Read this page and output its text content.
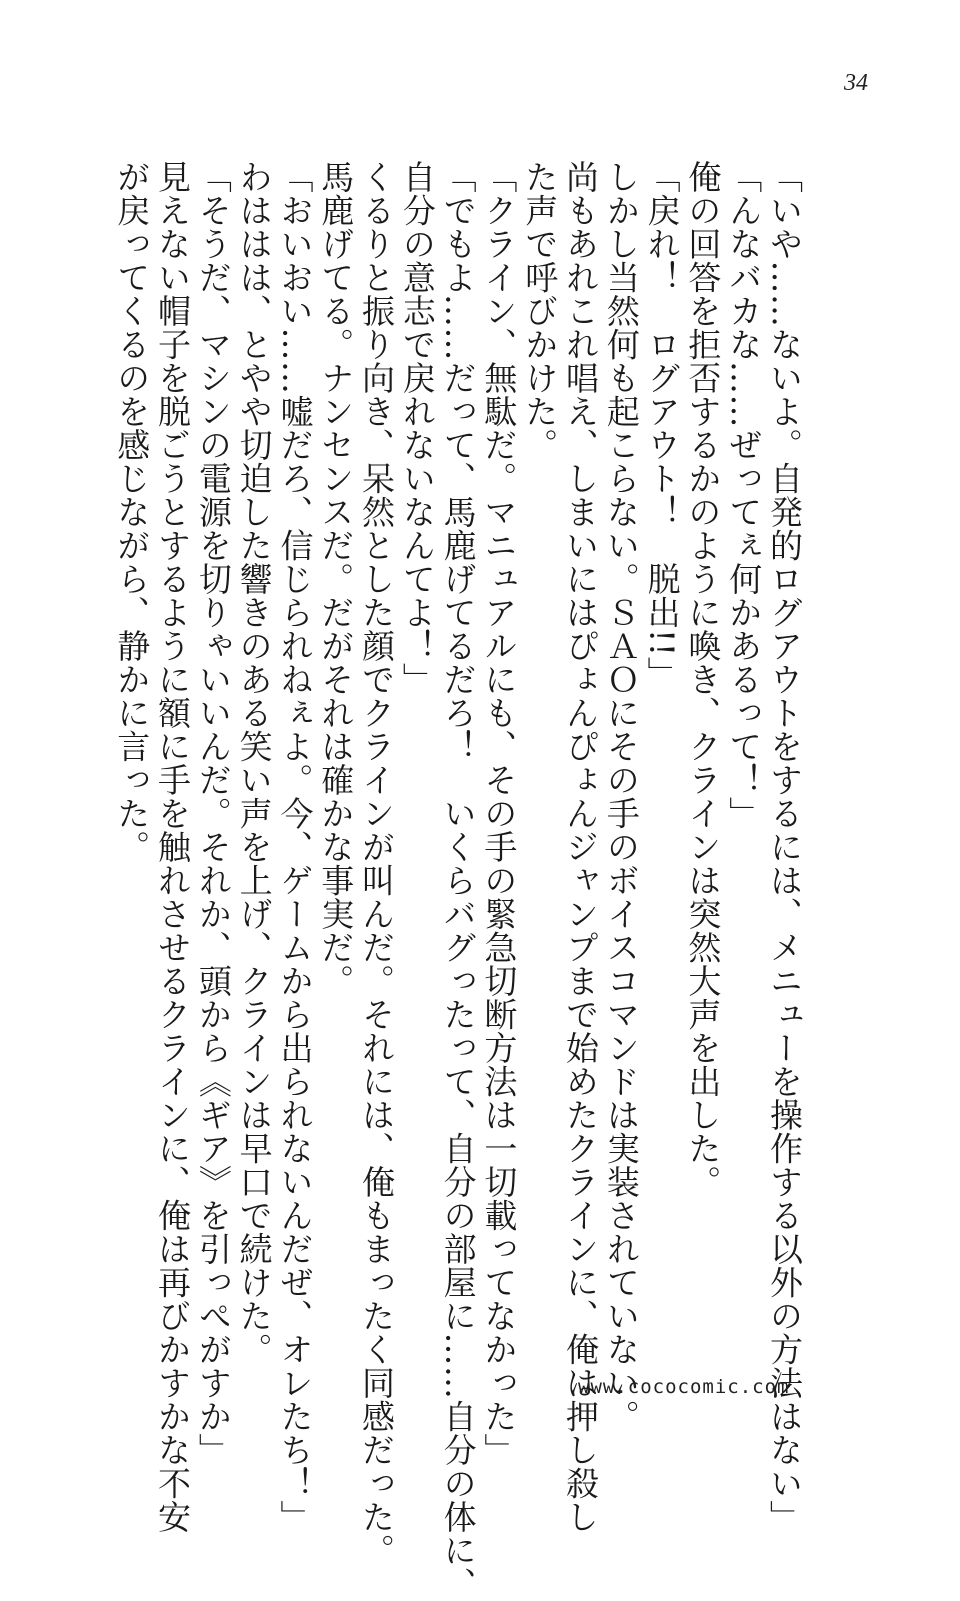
34
「いや……ないよ。自発的ログアウトをするには、メニューを操作する以外の方法はない」
「んなバカな……ぜってぇ何かあるって！」
俺の回答を拒否するかのように喚き、クラインは突然大声を出した。
「戻れ！　ログアウト！　脱出!!」
しかし当然何も起こらない。ＳＡＯにその手のボイスコマンドは実装されていない。
尚もあれこれ唱え、しまいにはぴょんぴょんジャンプまで始めたクラインに、俺は押し殺し
た声で呼びかけた。
「クライン、無駄だ。マニュアルにも、その手の緊急切断方法は一切載ってなかった」
「でもよ……だって、馬鹿げてるだろ！　いくらバグったって、自分の部屋に……自分の体に、
自分の意志で戻れないなんてよ！」
くるりと振り向き、呆然とした顔でクラインが叫んだ。それには、俺もまったく同感だった。
馬鹿げてる。ナンセンスだ。だがそれは確かな事実だ。
「おいおい……嘘だろ、信じられねぇよ。今、ゲームから出られないんだぜ、オレたち！」
わははは、とやや切迫した響きのある笑い声を上げ、クラインは早口で続けた。
「そうだ、マシンの電源を切りゃいいんだ。それか、頭から《ギア》を引っぺがすか」
見えない帽子を脱ごうとするように額に手を触れさせるクラインに、俺は再びかすかな不安
が戻ってくるのを感じながら、静かに言った。
www.cococomic.com
